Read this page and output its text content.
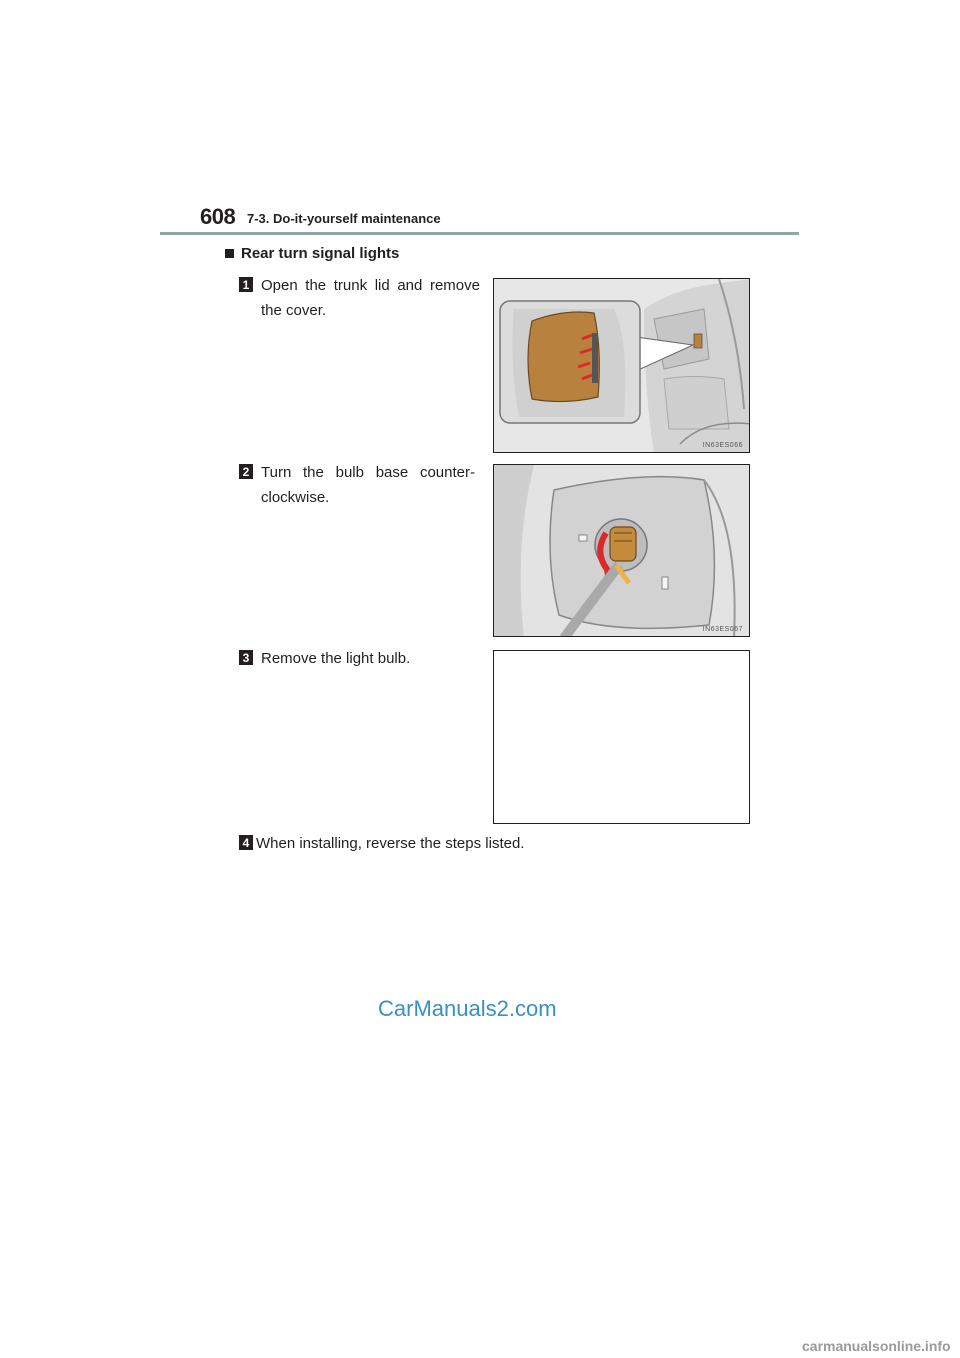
608 7-3. Do-it-yourself maintenance
Rear turn signal lights
1 Open the trunk lid and remove the cover.
IN63ES066
2 Turn the bulb base counter-clockwise.
IN63ES067
3 Remove the light bulb.
4 When installing, reverse the steps listed.
CarManuals2.com
carmanualsonline.info
